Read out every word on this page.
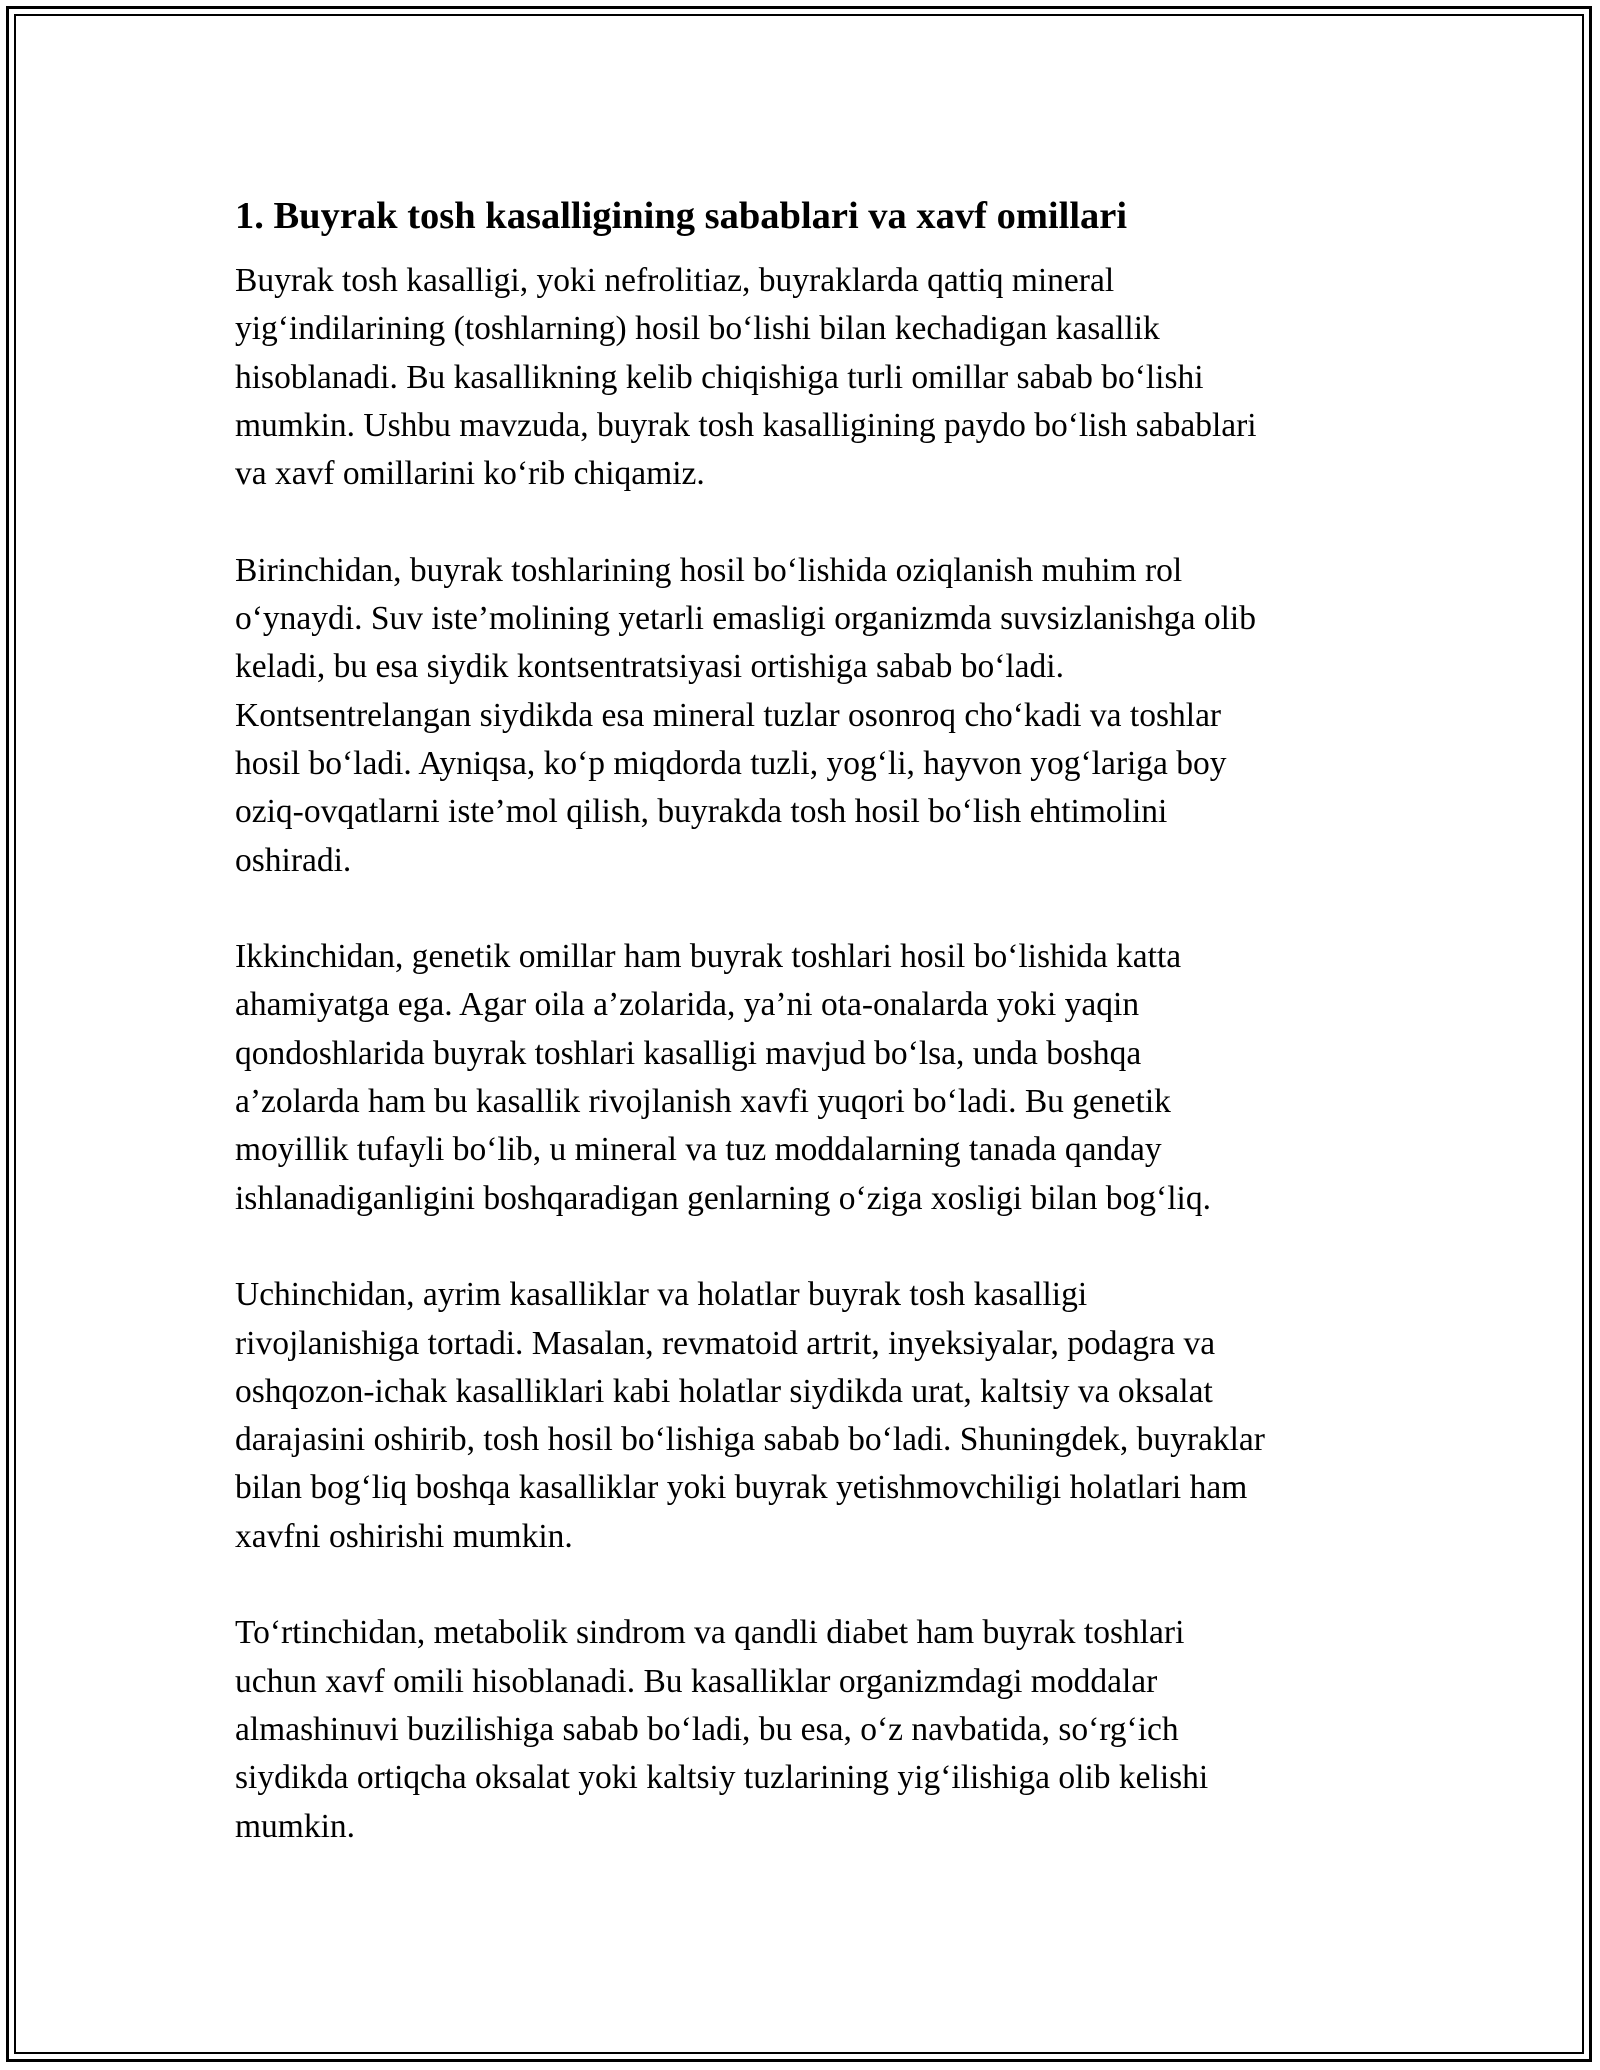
1. Buyrak tosh kasalligining sabablari va xavf omillari

Buyrak tosh kasalligi, yoki nefrolitiaz, buyraklarda qattiq mineral
yig‘indilarining (toshlarning) hosil bo‘lishi bilan kechadigan kasallik
hisoblanadi. Bu kasallikning kelib chiqishiga turli omillar sabab bo‘lishi
mumkin. Ushbu mavzuda, buyrak tosh kasalligining paydo bo‘lish sabablari
va xavf omillarini ko‘rib chiqamiz.

Birinchidan, buyrak toshlarining hosil bo‘lishida oziqlanish muhim rol
o‘ynaydi. Suv iste’molining yetarli emasligi organizmda suvsizlanishga olib
keladi, bu esa siydik kontsentratsiyasi ortishiga sabab bo‘ladi.
Kontsentrelangan siydikda esa mineral tuzlar osonroq cho‘kadi va toshlar
hosil bo‘ladi. Ayniqsa, ko‘p miqdorda tuzli, yog‘li, hayvon yog‘lariga boy
oziq-ovqatlarni iste’mol qilish, buyrakda tosh hosil bo‘lish ehtimolini
oshiradi.

Ikkinchidan, genetik omillar ham buyrak toshlari hosil bo‘lishida katta
ahamiyatga ega. Agar oila a’zolarida, ya’ni ota-onalarda yoki yaqin
qondoshlarida buyrak toshlari kasalligi mavjud bo‘lsa, unda boshqa
a’zolarda ham bu kasallik rivojlanish xavfi yuqori bo‘ladi. Bu genetik
moyillik tufayli bo‘lib, u mineral va tuz moddalarning tanada qanday
ishlanadiganligini boshqaradigan genlarning o‘ziga xosligi bilan bog‘liq.

Uchinchidan, ayrim kasalliklar va holatlar buyrak tosh kasalligi
rivojlanishiga tortadi. Masalan, revmatoid artrit, inyeksiyalar, podagra va
oshqozon-ichak kasalliklari kabi holatlar siydikda urat, kaltsiy va oksalat
darajasini oshirib, tosh hosil bo‘lishiga sabab bo‘ladi. Shuningdek, buyraklar
bilan bog‘liq boshqa kasalliklar yoki buyrak yetishmovchiligi holatlari ham
xavfni oshirishi mumkin.

To‘rtinchidan, metabolik sindrom va qandli diabet ham buyrak toshlari
uchun xavf omili hisoblanadi. Bu kasalliklar organizmdagi moddalar
almashinuvi buzilishiga sabab bo‘ladi, bu esa, o‘z navbatida, so‘rg‘ich
siydikda ortiqcha oksalat yoki kaltsiy tuzlarining yig‘ilishiga olib kelishi
mumkin.
